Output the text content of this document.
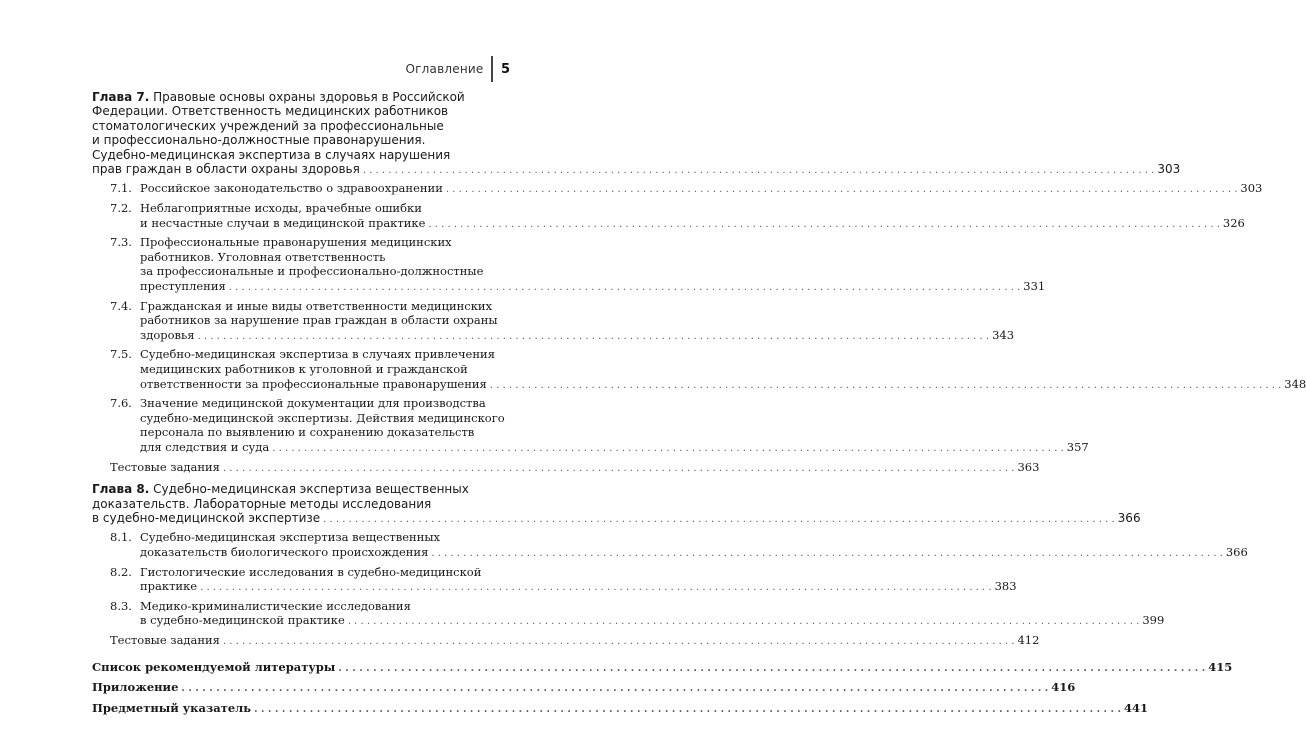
Оглавление 5
Глава 7. Правовые основы охраны здоровья в Российской
Федерации. Ответственность медицинских работников
стоматологических учреждений за профессиональные
и профессионально-должностные правонарушения.
Судебно-медицинская экспертиза в случаях нарушения
прав граждан в области охраны здоровья . . .	303
7.1. Российское законодательство о здравоохранении . . .	303
7.2. Неблагоприятные исходы, врачебные ошибки
и несчастные случаи в медицинской практике . . .	326
7.3. Профессиональные правонарушения медицинских
работников. Уголовная ответственность
за профессиональные и профессионально-должностные
преступления . . .	331
7.4. Гражданская и иные виды ответственности медицинских
работников за нарушение прав граждан в области охраны
здоровья . . .	343
7.5. Судебно-медицинская экспертиза в случаях привлечения
медицинских работников к уголовной и гражданской
ответственности за профессиональные правонарушения . . .	348
7.6. Значение медицинской документации для производства
судебно-медицинской экспертизы. Действия медицинского
персонала по выявлению и сохранению доказательств
для следствия и суда . . .	357
Тестовые задания . . .	363
Глава 8. Судебно-медицинская экспертиза вещественных
доказательств. Лабораторные методы исследования
в судебно-медицинской экспертизе . . .	366
8.1. Судебно-медицинская экспертиза вещественных
доказательств биологического происхождения . . .	366
8.2. Гистологические исследования в судебно-медицинской
практике . . .	383
8.3. Медико-криминалистические исследования
в судебно-медицинской практике . . .	399
Тестовые задания . . .	412
Список рекомендуемой литературы . . .	415
Приложение . . .	416
Предметный указатель . . .	441
